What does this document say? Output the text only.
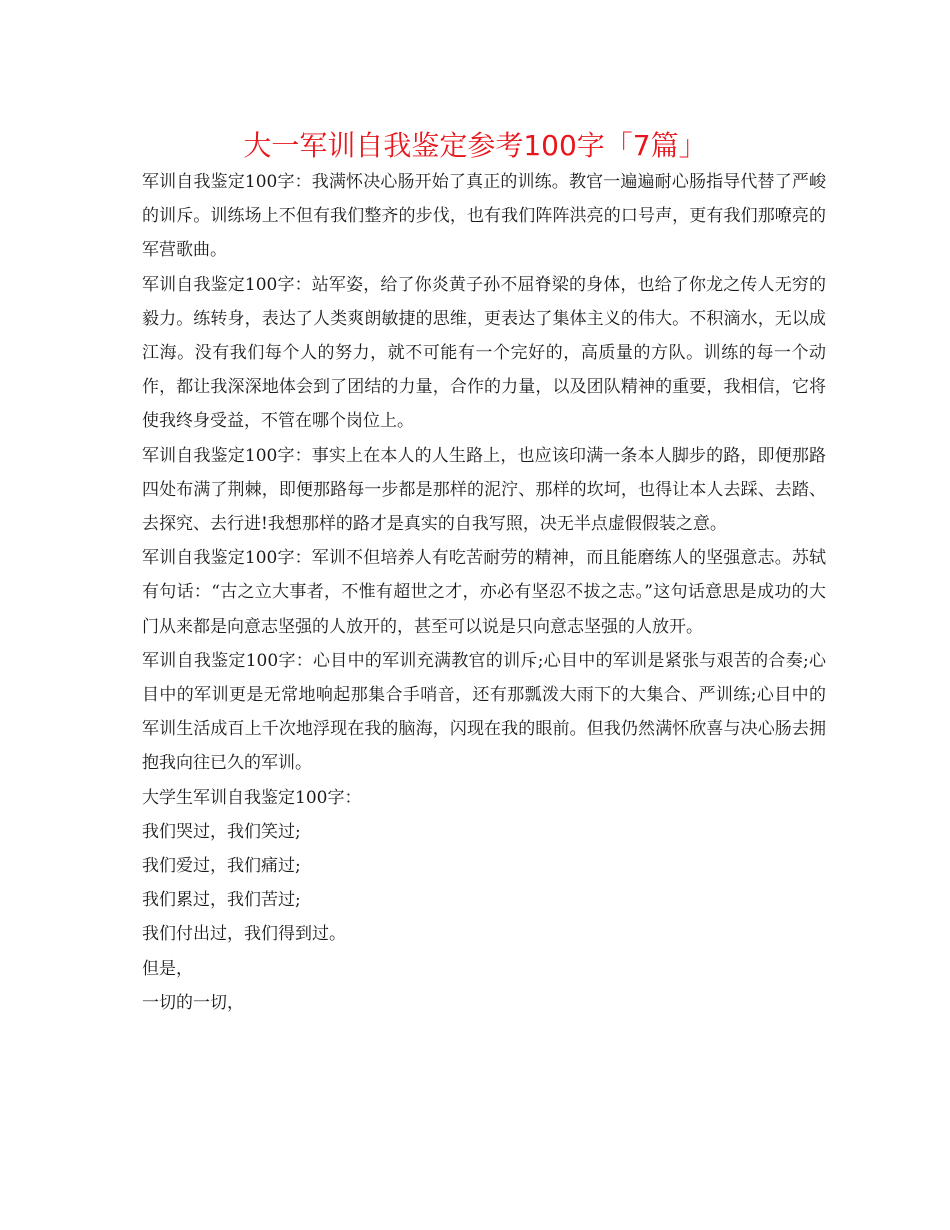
大一军训自我鉴定参考100字「7篇」

军训自我鉴定100字：我满怀决心肠开始了真正的训练。教官一遍遍耐心肠指导代替了严峻的训斥。训练场上不但有我们整齐的步伐，也有我们阵阵洪亮的口号声，更有我们那嘹亮的军营歌曲。

军训自我鉴定100字：站军姿，给了你炎黄子孙不屈脊梁的身体，也给了你龙之传人无穷的毅力。练转身，表达了人类爽朗敏捷的思维，更表达了集体主义的伟大。不积滴水，无以成江海。没有我们每个人的努力，就不可能有一个完好的，高质量的方队。训练的每一个动作，都让我深深地体会到了团结的力量，合作的力量，以及团队精神的重要，我相信，它将使我终身受益，不管在哪个岗位上。

军训自我鉴定100字：事实上在本人的人生路上，也应该印满一条本人脚步的路，即便那路四处布满了荆棘，即便那路每一步都是那样的泥泞、那样的坎坷，也得让本人去踩、去踏、去探究、去行进!我想那样的路才是真实的自我写照，决无半点虚假假装之意。

军训自我鉴定100字：军训不但培养人有吃苦耐劳的精神，而且能磨练人的坚强意志。苏轼有句话：“古之立大事者，不惟有超世之才，亦必有坚忍不拔之志。”这句话意思是成功的大门从来都是向意志坚强的人放开的，甚至可以说是只向意志坚强的人放开。

军训自我鉴定100字：心目中的军训充满教官的训斥;心目中的军训是紧张与艰苦的合奏;心目中的军训更是无常地响起那集合手哨音，还有那瓢泼大雨下的大集合、严训练;心目中的军训生活成百上千次地浮现在我的脑海，闪现在我的眼前。但我仍然满怀欣喜与决心肠去拥抱我向往已久的军训。

大学生军训自我鉴定100字：

我们哭过，我们笑过;

我们爱过，我们痛过;

我们累过，我们苦过;

我们付出过，我们得到过。

但是，

一切的一切，
